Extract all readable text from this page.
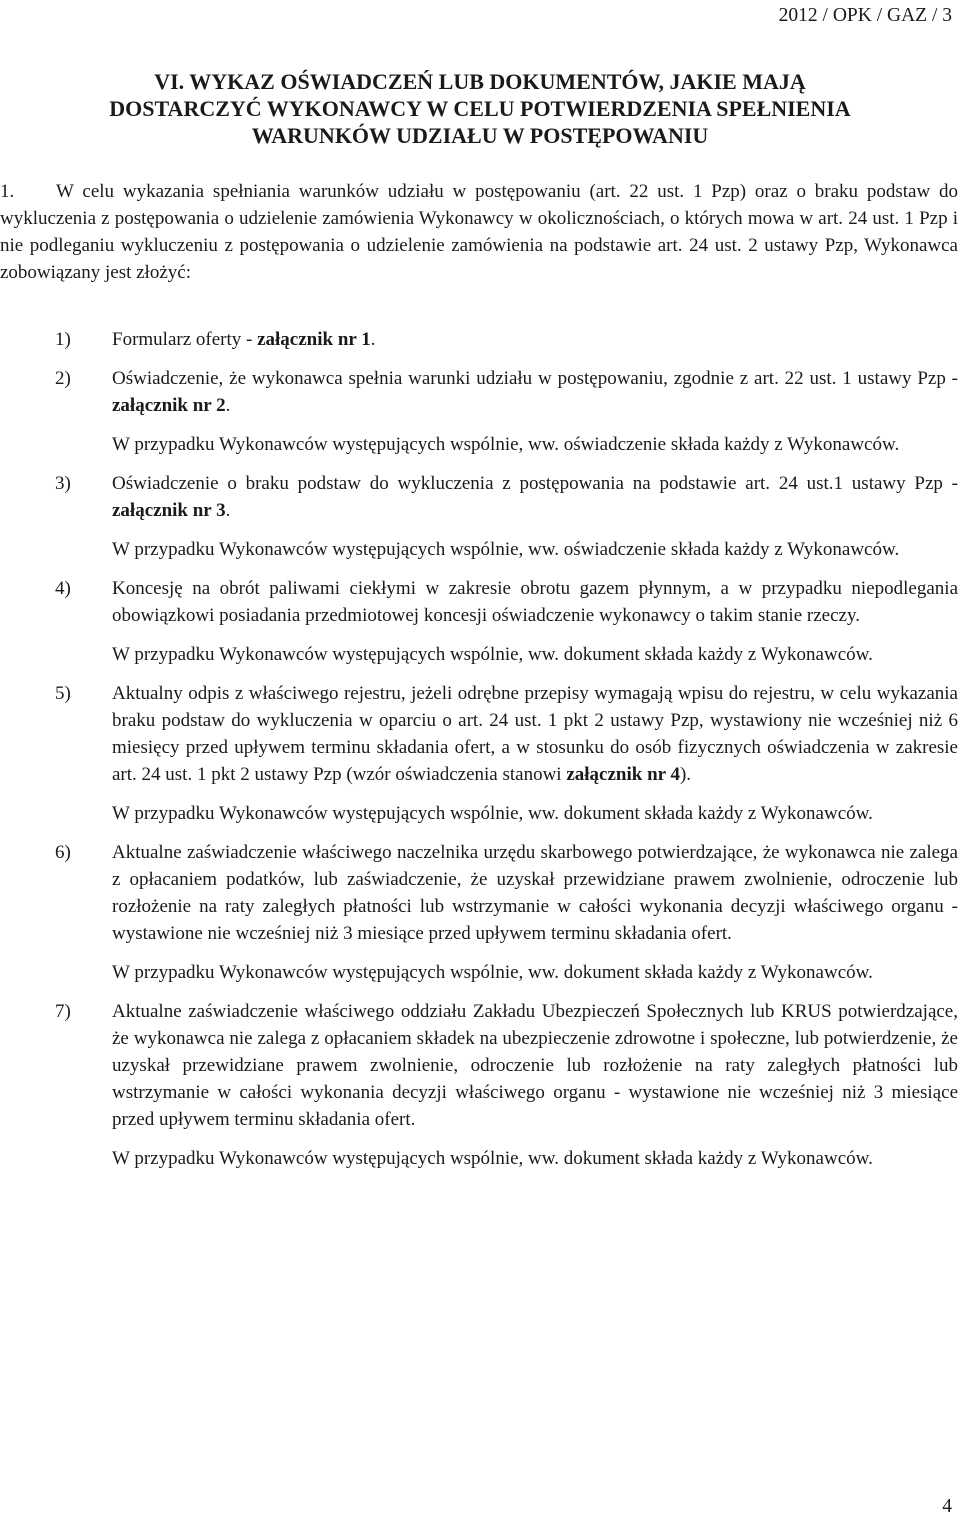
2012 / OPK / GAZ / 3
VI. WYKAZ OŚWIADCZEŃ LUB DOKUMENTÓW, JAKIE MAJĄ
DOSTARCZYĆ WYKONAWCY W CELU POTWIERDZENIA SPEŁNIENIA
WARUNKÓW UDZIAŁU W POSTĘPOWANIU
1.	W celu wykazania spełniania warunków udziału w postępowaniu (art. 22 ust. 1 Pzp) oraz o braku podstaw do wykluczenia z postępowania o udzielenie zamówienia Wykonawcy w okolicznościach, o których mowa w art. 24 ust. 1 Pzp i nie podleganiu wykluczeniu z postępowania o udzielenie zamówienia na podstawie art. 24 ust. 2 ustawy Pzp, Wykonawca zobowiązany jest złożyć:
1) Formularz oferty - załącznik nr 1.
2) Oświadczenie, że wykonawca spełnia warunki udziału w postępowaniu, zgodnie z art. 22 ust. 1 ustawy Pzp - załącznik nr 2.
W przypadku Wykonawców występujących wspólnie, ww. oświadczenie składa każdy z Wykonawców.
3) Oświadczenie o braku podstaw do wykluczenia z postępowania na podstawie art. 24 ust.1 ustawy Pzp - załącznik nr 3.
W przypadku Wykonawców występujących wspólnie, ww. oświadczenie składa każdy z Wykonawców.
4) Koncesję na obrót paliwami ciekłymi w zakresie obrotu gazem płynnym, a w przypadku niepodlegania obowiązkowi posiadania przedmiotowej koncesji oświadczenie wykonawcy o takim stanie rzeczy.
W przypadku Wykonawców występujących wspólnie, ww. dokument składa każdy z Wykonawców.
5) Aktualny odpis z właściwego rejestru, jeżeli odrębne przepisy wymagają wpisu do rejestru, w celu wykazania braku podstaw do wykluczenia w oparciu o art. 24 ust. 1 pkt 2 ustawy Pzp, wystawiony nie wcześniej niż 6 miesięcy przed upływem terminu składania ofert, a w stosunku do osób fizycznych oświadczenia w zakresie art. 24 ust. 1 pkt 2 ustawy Pzp (wzór oświadczenia stanowi załącznik nr 4).
W przypadku Wykonawców występujących wspólnie, ww. dokument składa każdy z Wykonawców.
6) Aktualne zaświadczenie właściwego naczelnika urzędu skarbowego potwierdzające, że wykonawca nie zalega z opłacaniem podatków, lub zaświadczenie, że uzyskał przewidziane prawem zwolnienie, odroczenie lub rozłożenie na raty zaległych płatności lub wstrzymanie w całości wykonania decyzji właściwego organu - wystawione nie wcześniej niż 3 miesiące przed upływem terminu składania ofert.
W przypadku Wykonawców występujących wspólnie, ww. dokument składa każdy z Wykonawców.
7) Aktualne zaświadczenie właściwego oddziału Zakładu Ubezpieczeń Społecznych lub KRUS potwierdzające, że wykonawca nie zalega z opłacaniem składek na ubezpieczenie zdrowotne i społeczne, lub potwierdzenie, że uzyskał przewidziane prawem zwolnienie, odroczenie lub rozłożenie na raty zaległych płatności lub wstrzymanie w całości wykonania decyzji właściwego organu - wystawione nie wcześniej niż 3 miesiące przed upływem terminu składania ofert.
W przypadku Wykonawców występujących wspólnie, ww. dokument składa każdy z Wykonawców.
4
